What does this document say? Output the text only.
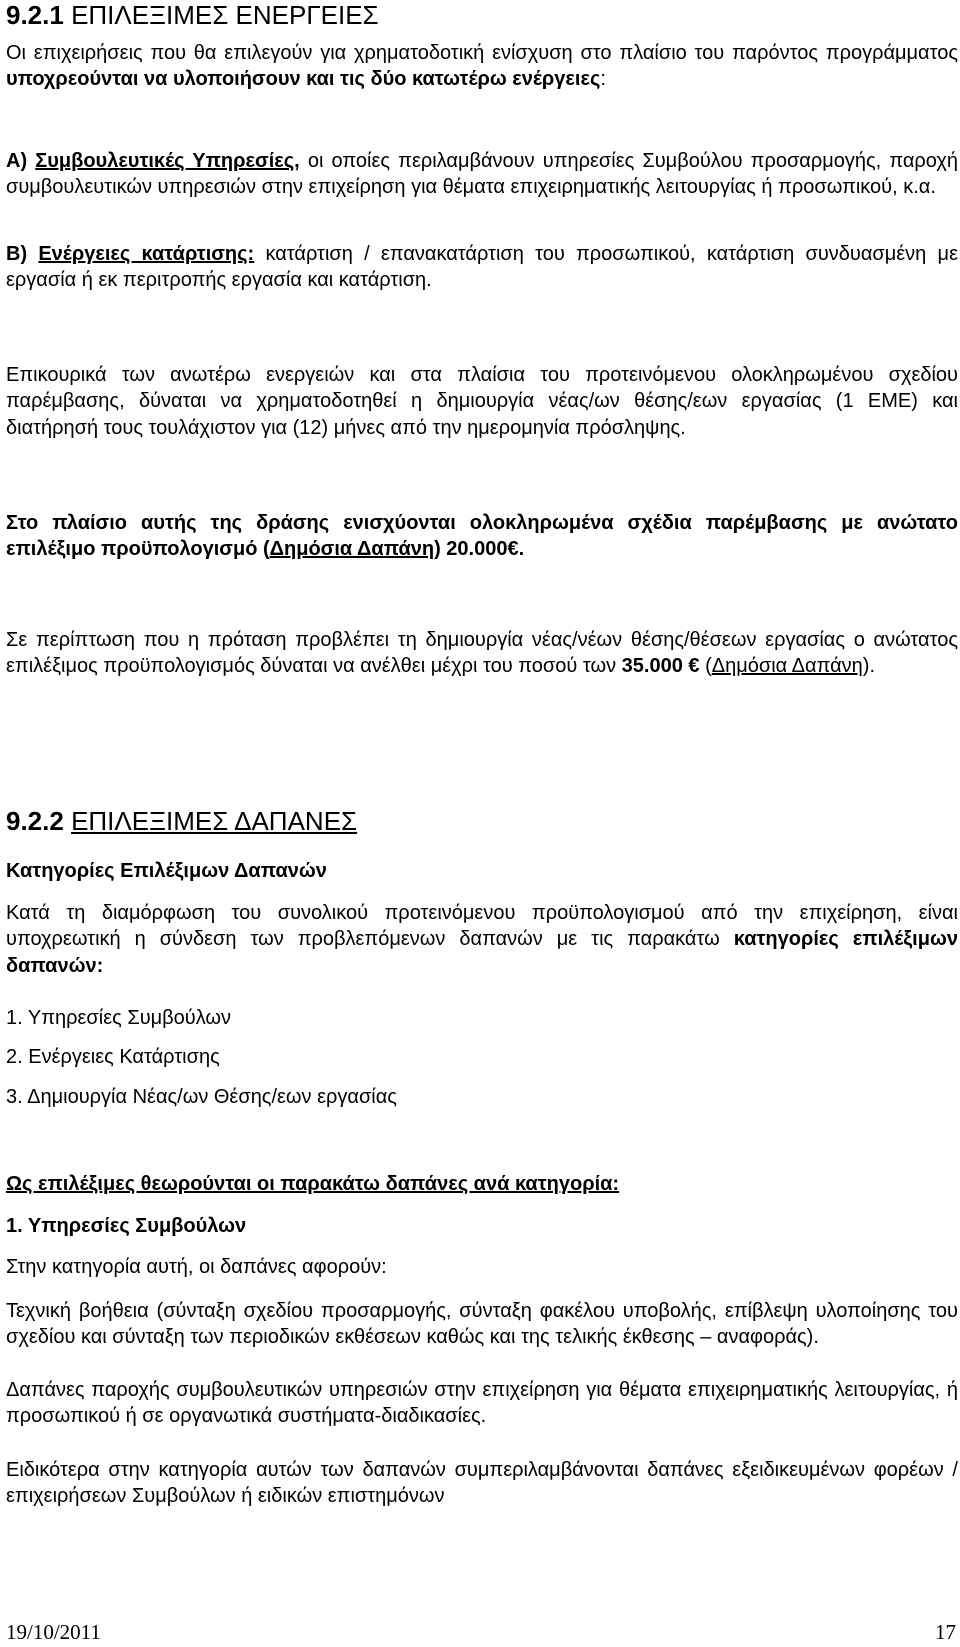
9.2.1 ΕΠΙΛΕΞΙΜΕΣ ΕΝΕΡΓΕΙΕΣ

Οι επιχειρήσεις που θα επιλεγούν για χρηματοδοτική ενίσχυση στο πλαίσιο του παρόντος προγράμματος υποχρεούνται να υλοποιήσουν και τις δύο κατωτέρω ενέργειες:

Α) Συμβουλευτικές Υπηρεσίες, οι οποίες περιλαμβάνουν υπηρεσίες Συμβούλου προσαρμογής, παροχή συμβουλευτικών υπηρεσιών στην επιχείρηση για θέματα επιχειρηματικής λειτουργίας ή προσωπικού, κ.α.

Β) Ενέργειες κατάρτισης: κατάρτιση / επανακατάρτιση του προσωπικού, κατάρτιση συνδυασμένη με εργασία ή εκ περιτροπής εργασία και κατάρτιση.

Επικουρικά των ανωτέρω ενεργειών και στα πλαίσια του προτεινόμενου ολοκληρωμένου σχεδίου παρέμβασης, δύναται να χρηματοδοτηθεί η δημιουργία νέας/ων θέσης/εων εργασίας (1 ΕΜΕ) και διατήρησή τους τουλάχιστον για (12) μήνες από την ημερομηνία πρόσληψης.

Στο πλαίσιο αυτής της δράσης ενισχύονται ολοκληρωμένα σχέδια παρέμβασης με ανώτατο επιλέξιμο προϋπολογισμό (Δημόσια Δαπάνη) 20.000€.

Σε περίπτωση που η πρόταση προβλέπει τη δημιουργία νέας/νέων θέσης/θέσεων εργασίας ο ανώτατος επιλέξιμος προϋπολογισμός δύναται να ανέλθει μέχρι του ποσού των 35.000 € (Δημόσια Δαπάνη).

9.2.2 ΕΠΙΛΕΞΙΜΕΣ ΔΑΠΑΝΕΣ

Κατηγορίες Επιλέξιμων Δαπανών

Κατά τη διαμόρφωση του συνολικού προτεινόμενου προϋπολογισμού από την επιχείρηση, είναι υποχρεωτική η σύνδεση των προβλεπόμενων δαπανών με τις παρακάτω κατηγορίες επιλέξιμων δαπανών:

1. Υπηρεσίες Συμβούλων

2. Ενέργειες Κατάρτισης

3. Δημιουργία Νέας/ων Θέσης/εων εργασίας

Ως επιλέξιμες θεωρούνται οι παρακάτω δαπάνες ανά κατηγορία:

1. Υπηρεσίες Συμβούλων

Στην κατηγορία αυτή, οι δαπάνες αφορούν:

Τεχνική βοήθεια (σύνταξη σχεδίου προσαρμογής, σύνταξη φακέλου υποβολής, επίβλεψη υλοποίησης του σχεδίου και σύνταξη των περιοδικών εκθέσεων καθώς και της τελικής έκθεσης – αναφοράς).

Δαπάνες παροχής συμβουλευτικών υπηρεσιών στην επιχείρηση για θέματα επιχειρηματικής λειτουργίας, ή προσωπικού ή σε οργανωτικά συστήματα-διαδικασίες.

Ειδικότερα στην κατηγορία αυτών των δαπανών συμπεριλαμβάνονται δαπάνες εξειδικευμένων φορέων /επιχειρήσεων Συμβούλων ή ειδικών επιστημόνων

19/10/2011	17
